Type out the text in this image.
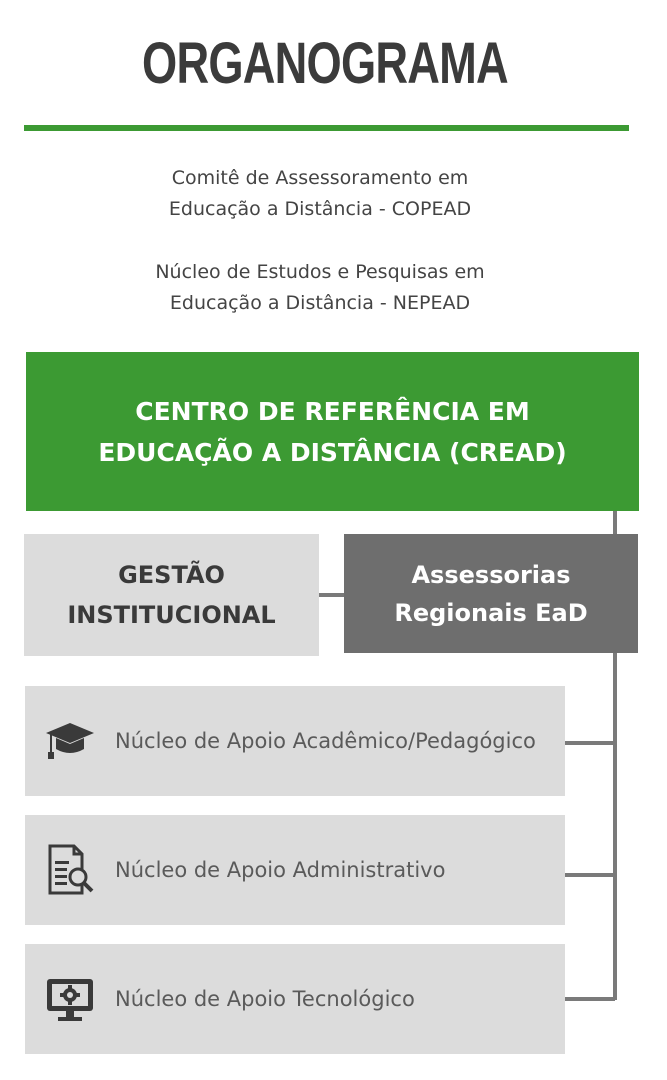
ORGANOGRAMA
Comitê de Assessoramento em
Educação a Distância - COPEAD
Núcleo de Estudos e Pesquisas em
Educação a Distância - NEPEAD
CENTRO DE REFERÊNCIA EM
EDUCAÇÃO A DISTÂNCIA (CREAD)
GESTÃO
INSTITUCIONAL
Assessorias
Regionais EaD
Núcleo de Apoio Acadêmico/Pedagógico
Núcleo de Apoio Administrativo
Núcleo de Apoio Tecnológico
